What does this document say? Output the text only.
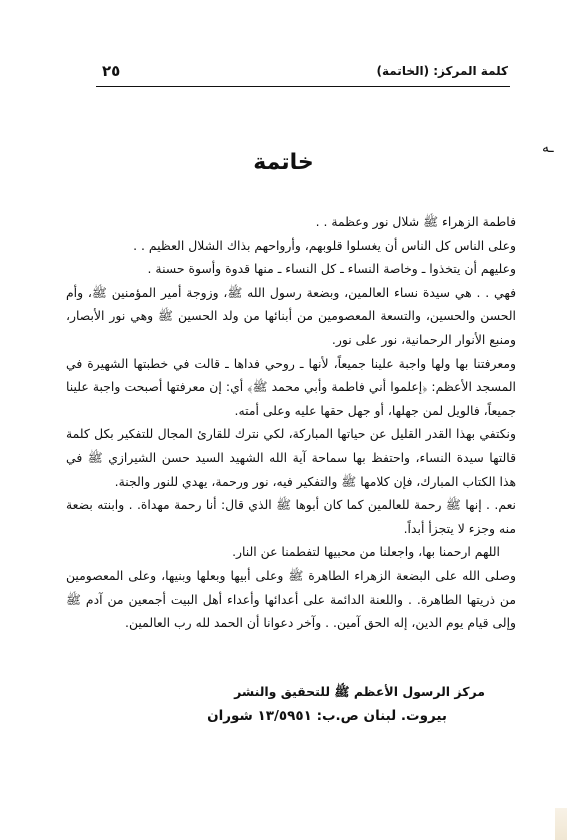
٢٥	كلمة المركز: (الخاتمة)
ـه
خاتمة

فاطمة الزهراء ﷺ شلال نور وعظمة . .

وعلى الناس كل الناس أن يغسلوا قلوبهم، وأرواحهم بذاك الشلال العظيم . .

وعليهم أن يتخذوا ـ وخاصة النساء ـ كل النساء ـ منها قدوة وأسوة حسنة .

فهي . . هي سيدة نساء العالمين، وبضعة رسول الله ﷺ، وزوجة أمير المؤمنين ﷺ، وأم الحسن والحسين، والتسعة المعصومين من أبنائها من ولد الحسين ﷺ وهي نور الأبصار، ومنبع الأنوار الرحمانية، نور على نور.

ومعرفتنا بها ولها واجبة علينا جميعاً، لأنها ـ روحي فداها ـ قالت في خطبتها الشهيرة في المسجد الأعظم: ﴿إعلموا أني فاطمة وأبي محمد ﷺ﴾ أي: إن معرفتها أصبحت واجبة علينا جميعاً، فالويل لمن جهلها، أو جهل حقها عليه وعلى أمته.

ونكتفي بهذا القدر القليل عن حياتها المباركة، لكي نترك للقارئ المجال للتفكير بكل كلمة قالتها سيدة النساء، واحتفظ بها سماحة آية الله الشهيد السيد حسن الشيرازي ﷺ في هذا الكتاب المبارك، فإن كلامها ﷺ والتفكير فيه، نور ورحمة، يهدي للنور والجنة.

نعم. . إنها ﷺ رحمة للعالمين كما كان أبوها ﷺ الذي قال: أنا رحمة مهداة. . وابنته بضعة منه وجزء لا يتجزأ أبداً.

اللهم ارحمنا بها، واجعلنا من محبيها لتفطمنا عن النار.

وصلى الله على البضعة الزهراء الطاهرة ﷺ وعلى أبيها وبعلها وبنيها، وعلى المعصومين من ذريتها الطاهرة. . واللعنة الدائمة على أعدائها وأعداء أهل البيت أجمعين من آدم ﷺ وإلى قيام يوم الدين، إله الحق آمين. . وآخر دعوانا أن الحمد لله رب العالمين.

مركز الرسول الأعظم ﷺ للتحقيق والنشر
بيروت. لبنان ص.ب: ١٣/٥٩٥١ شوران
